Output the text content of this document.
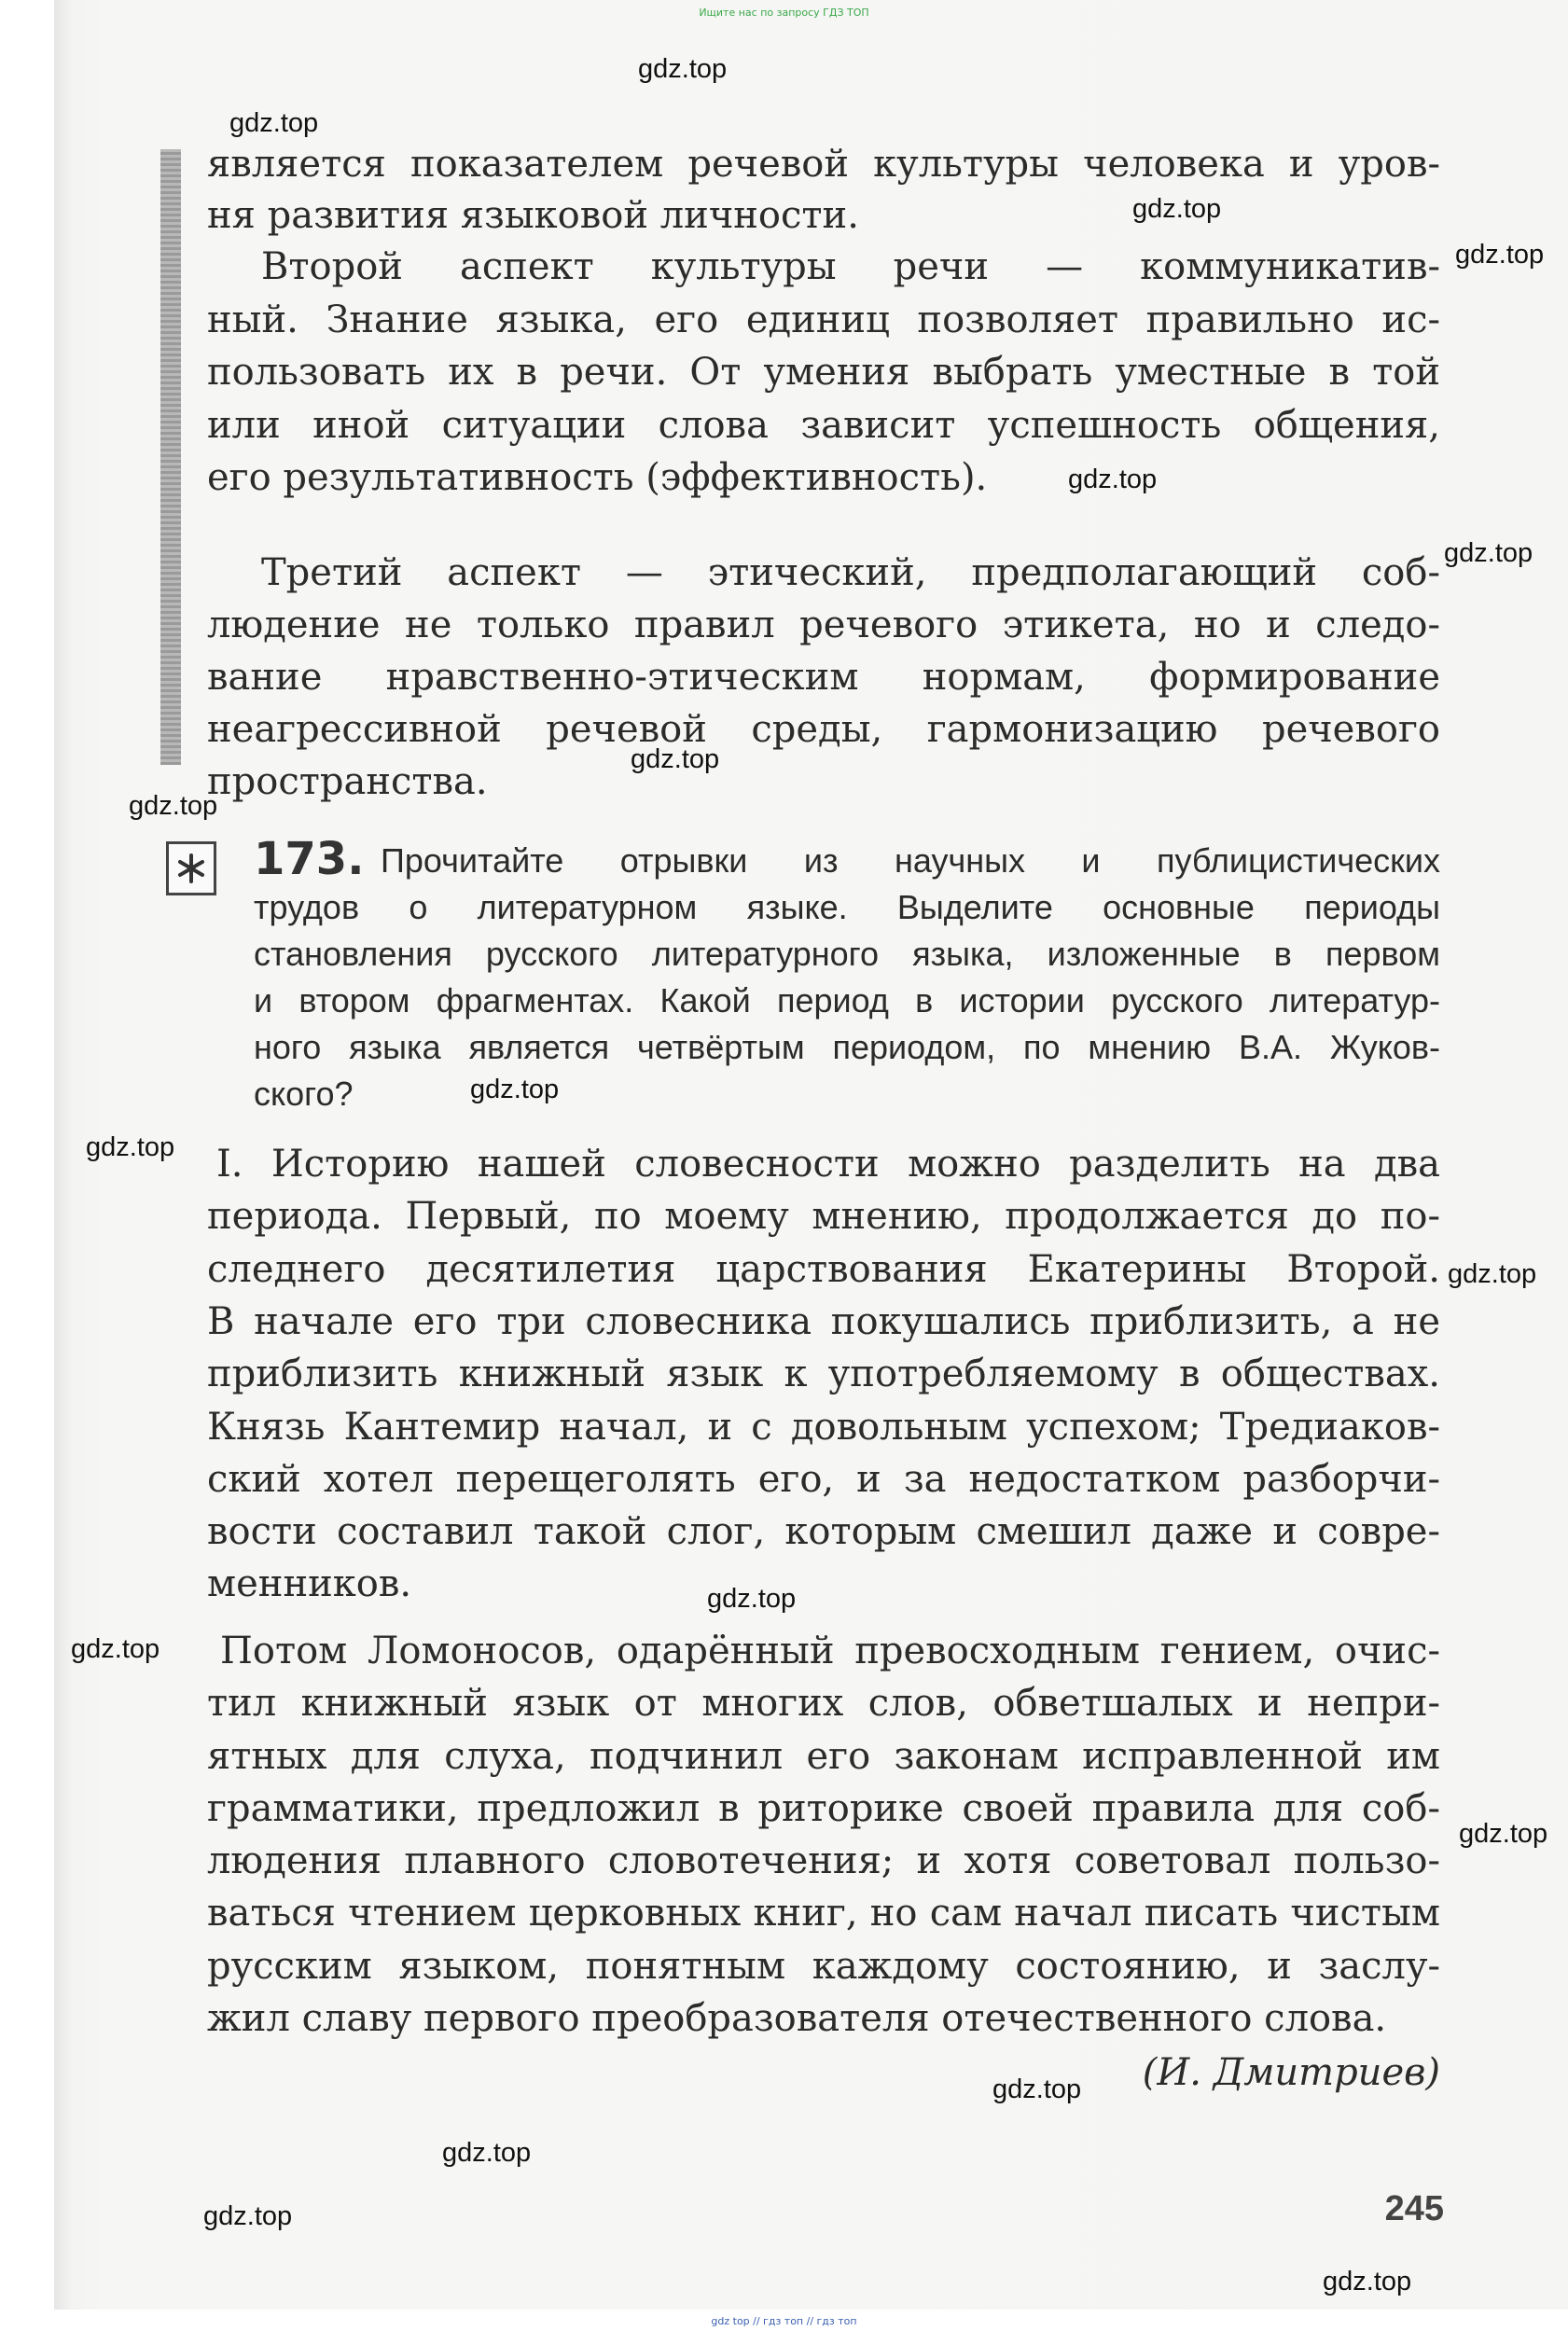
Ищите нас по запросу ГДЗ ТОП
является показателем речевой культуры человека и уров-
ня развития языковой личности.
Второй аспект культуры речи — коммуникатив-
ный. Знание языка, его единиц позволяет правильно ис-
пользовать их в речи. От умения выбрать уместные в той
или иной ситуации слова зависит успешность общения,
его результативность (эффективность).
Третий аспект — этический, предполагающий соб-
людение не только правил речевого этикета, но и следо-
вание нравственно-этическим нормам, формирование
неагрессивной речевой среды, гармонизацию речевого
пространства.
173. Прочитайте отрывки из научных и публицистических
трудов о литературном языке. Выделите основные периоды
становления русского литературного языка, изложенные в первом
и втором фрагментах. Какой период в истории русского литератур-
ного языка является четвёртым периодом, по мнению В.А. Жуков-
ского?
I. Историю нашей словесности можно разделить на два
периода. Первый, по моему мнению, продолжается до по-
следнего десятилетия царствования Екатерины Второй.
В начале его три словесника покушались приблизить, а не
приблизить книжный язык к употребляемому в обществах.
Князь Кантемир начал, и с довольным успехом; Тредиаков-
ский хотел перещеголять его, и за недостатком разборчи-
вости составил такой слог, которым смешил даже и совре-
менников.
Потом Ломоносов, одарённый превосходным гением, очис-
тил книжный язык от многих слов, обветшалых и непри-
ятных для слуха, подчинил его законам исправленной им
грамматики, предложил в риторике своей правила для соб-
людения плавного словотечения; и хотя советовал пользо-
ваться чтением церковных книг, но сам начал писать чистым
русским языком, понятным каждому состоянию, и заслу-
жил славу первого преобразователя отечественного слова.
(И. Дмитриев)
245
gdz.top
gdz.top
gdz.top
gdz.top
gdz.top
gdz.top
gdz.top
gdz.top
gdz.top
gdz.top
gdz.top
gdz.top
gdz.top
gdz.top
gdz.top
gdz.top
gdz.top
gdz.top
gdz top // гдз топ // гдз топ
